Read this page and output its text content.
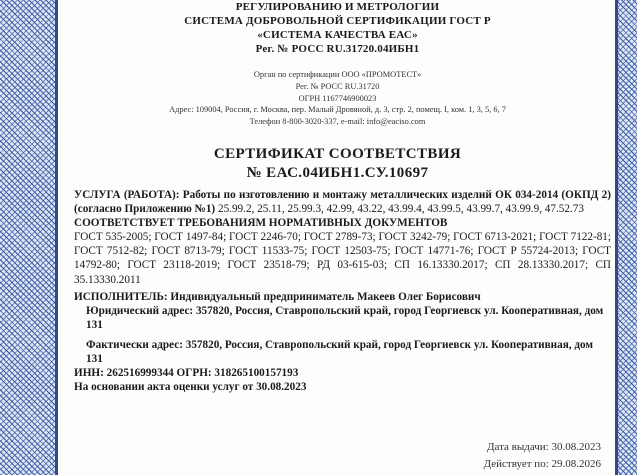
РЕГУЛИРОВАНИЮ И МЕТРОЛОГИИ
СИСТЕМА ДОБРОВОЛЬНОЙ СЕРТИФИКАЦИИ ГОСТ Р
«СИСТЕМА КАЧЕСТВА ЕАС»
Рег. № РОСС RU.31720.04ИБН1
Орган по сертификации ООО «ПРОМОТЕСТ»
Рег. № РОСС RU.31720
ОГРН 1167746900023
Адрес: 109004, Россия, г. Москва, пер. Малый Дровяной, д. 3, стр. 2, помещ. I, ком. 1, 3, 5, 6, 7
Телефон 8-800-3020-337, e-mail: info@eaciso.com
СЕРТИФИКАТ СООТВЕТСТВИЯ
№ ЕАС.04ИБН1.СУ.10697

УСЛУГА (РАБОТА): Работы по изготовлению и монтажу металлических изделий ОК 034-2014 (ОКПД 2) (согласно Приложению №1) 25.99.2, 25.11, 25.99.3, 42.99, 43.22, 43.99.4, 43.99.5, 43.99.7, 43.99.9, 47.52.73

СООТВЕТСТВУЕТ ТРЕБОВАНИЯМ НОРМАТИВНЫХ ДОКУМЕНТОВ

ГОСТ 535-2005; ГОСТ 1497-84; ГОСТ 2246-70; ГОСТ 2789-73; ГОСТ 3242-79; ГОСТ 6713-2021; ГОСТ 7122-81; ГОСТ 7512-82; ГОСТ 8713-79; ГОСТ 11533-75; ГОСТ 12503-75; ГОСТ 14771-76; ГОСТ Р 55724-2013; ГОСТ 14792-80; ГОСТ 23118-2019; ГОСТ 23518-79; РД 03-615-03; СП 16.13330.2017; СП 28.13330.2017; СП 35.13330.2011

ИСПОЛНИТЕЛЬ: Индивидуальный предприниматель Макеев Олег Борисович

Юридический адрес: 357820, Россия, Ставропольский край, город Георгиевск ул. Кооперативная, дом 131

Фактически адрес: 357820, Россия, Ставропольский край, город Георгиевск ул. Кооперативная, дом 131

ИНН: 262516999344 ОГРН: 318265100157193

На основании акта оценки услуг от 30.08.2023

Дата выдачи: 30.08.2023
Действует по: 29.08.2026
